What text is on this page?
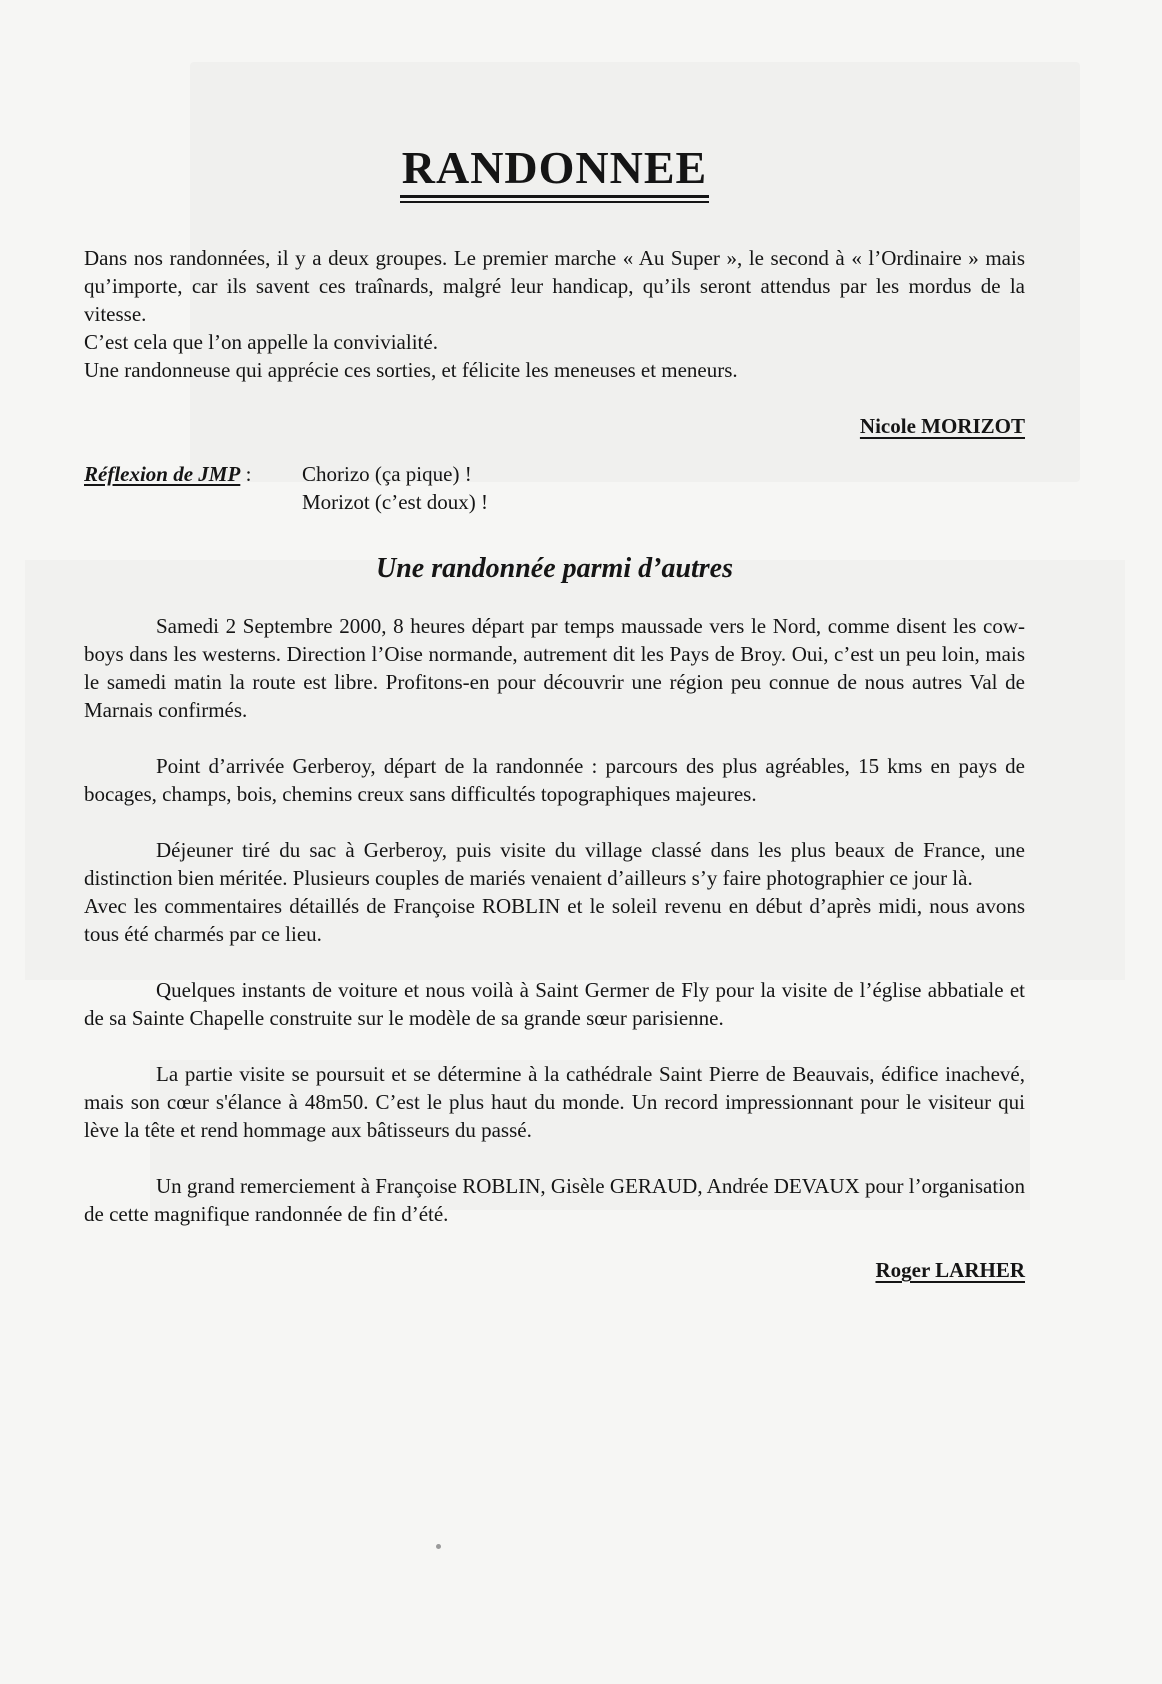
RANDONNEE

Dans nos randonnées, il y a deux groupes. Le premier marche « Au Super », le second à « l’Ordinaire » mais qu’importe, car ils savent ces traînards, malgré leur handicap, qu’ils seront attendus par les mordus de la vitesse.

C’est cela que l’on appelle la convivialité.

Une randonneuse qui apprécie ces sorties, et félicite les meneuses et meneurs.

Nicole MORIZOT

Réflexion de JMP :	Chorizo (ça pique) !
Morizot (c’est doux) !
Une randonnée parmi d’autres

Samedi 2 Septembre 2000, 8 heures départ par temps maussade vers le Nord, comme disent les cow-boys dans les westerns. Direction l’Oise normande, autrement dit les Pays de Broy. Oui, c’est un peu loin, mais le samedi matin la route est libre. Profitons-en pour découvrir une région peu connue de nous autres Val de Marnais confirmés.

Point d’arrivée Gerberoy, départ de la randonnée : parcours des plus agréables, 15 kms en pays de bocages, champs, bois, chemins creux sans difficultés topographiques majeures.

Déjeuner tiré du sac à Gerberoy, puis visite du village classé dans les plus beaux de France, une distinction bien méritée. Plusieurs couples de mariés venaient d’ailleurs s’y faire photographier ce jour là.

Avec les commentaires détaillés de Françoise ROBLIN et le soleil revenu en début d’après midi, nous avons tous été charmés par ce lieu.

Quelques instants de voiture et nous voilà à Saint Germer de Fly pour la visite de l’église abbatiale et de sa Sainte Chapelle construite sur le modèle de sa grande sœur parisienne.

La partie visite se poursuit et se détermine à la cathédrale Saint Pierre de Beauvais, édifice inachevé, mais son cœur s'élance à 48m50. C’est le plus haut du monde. Un record impressionnant pour le visiteur qui lève la tête et rend hommage aux bâtisseurs du passé.

Un grand remerciement à Françoise ROBLIN, Gisèle GERAUD, Andrée DEVAUX pour l’organisation de cette magnifique randonnée de fin d’été.

Roger LARHER
